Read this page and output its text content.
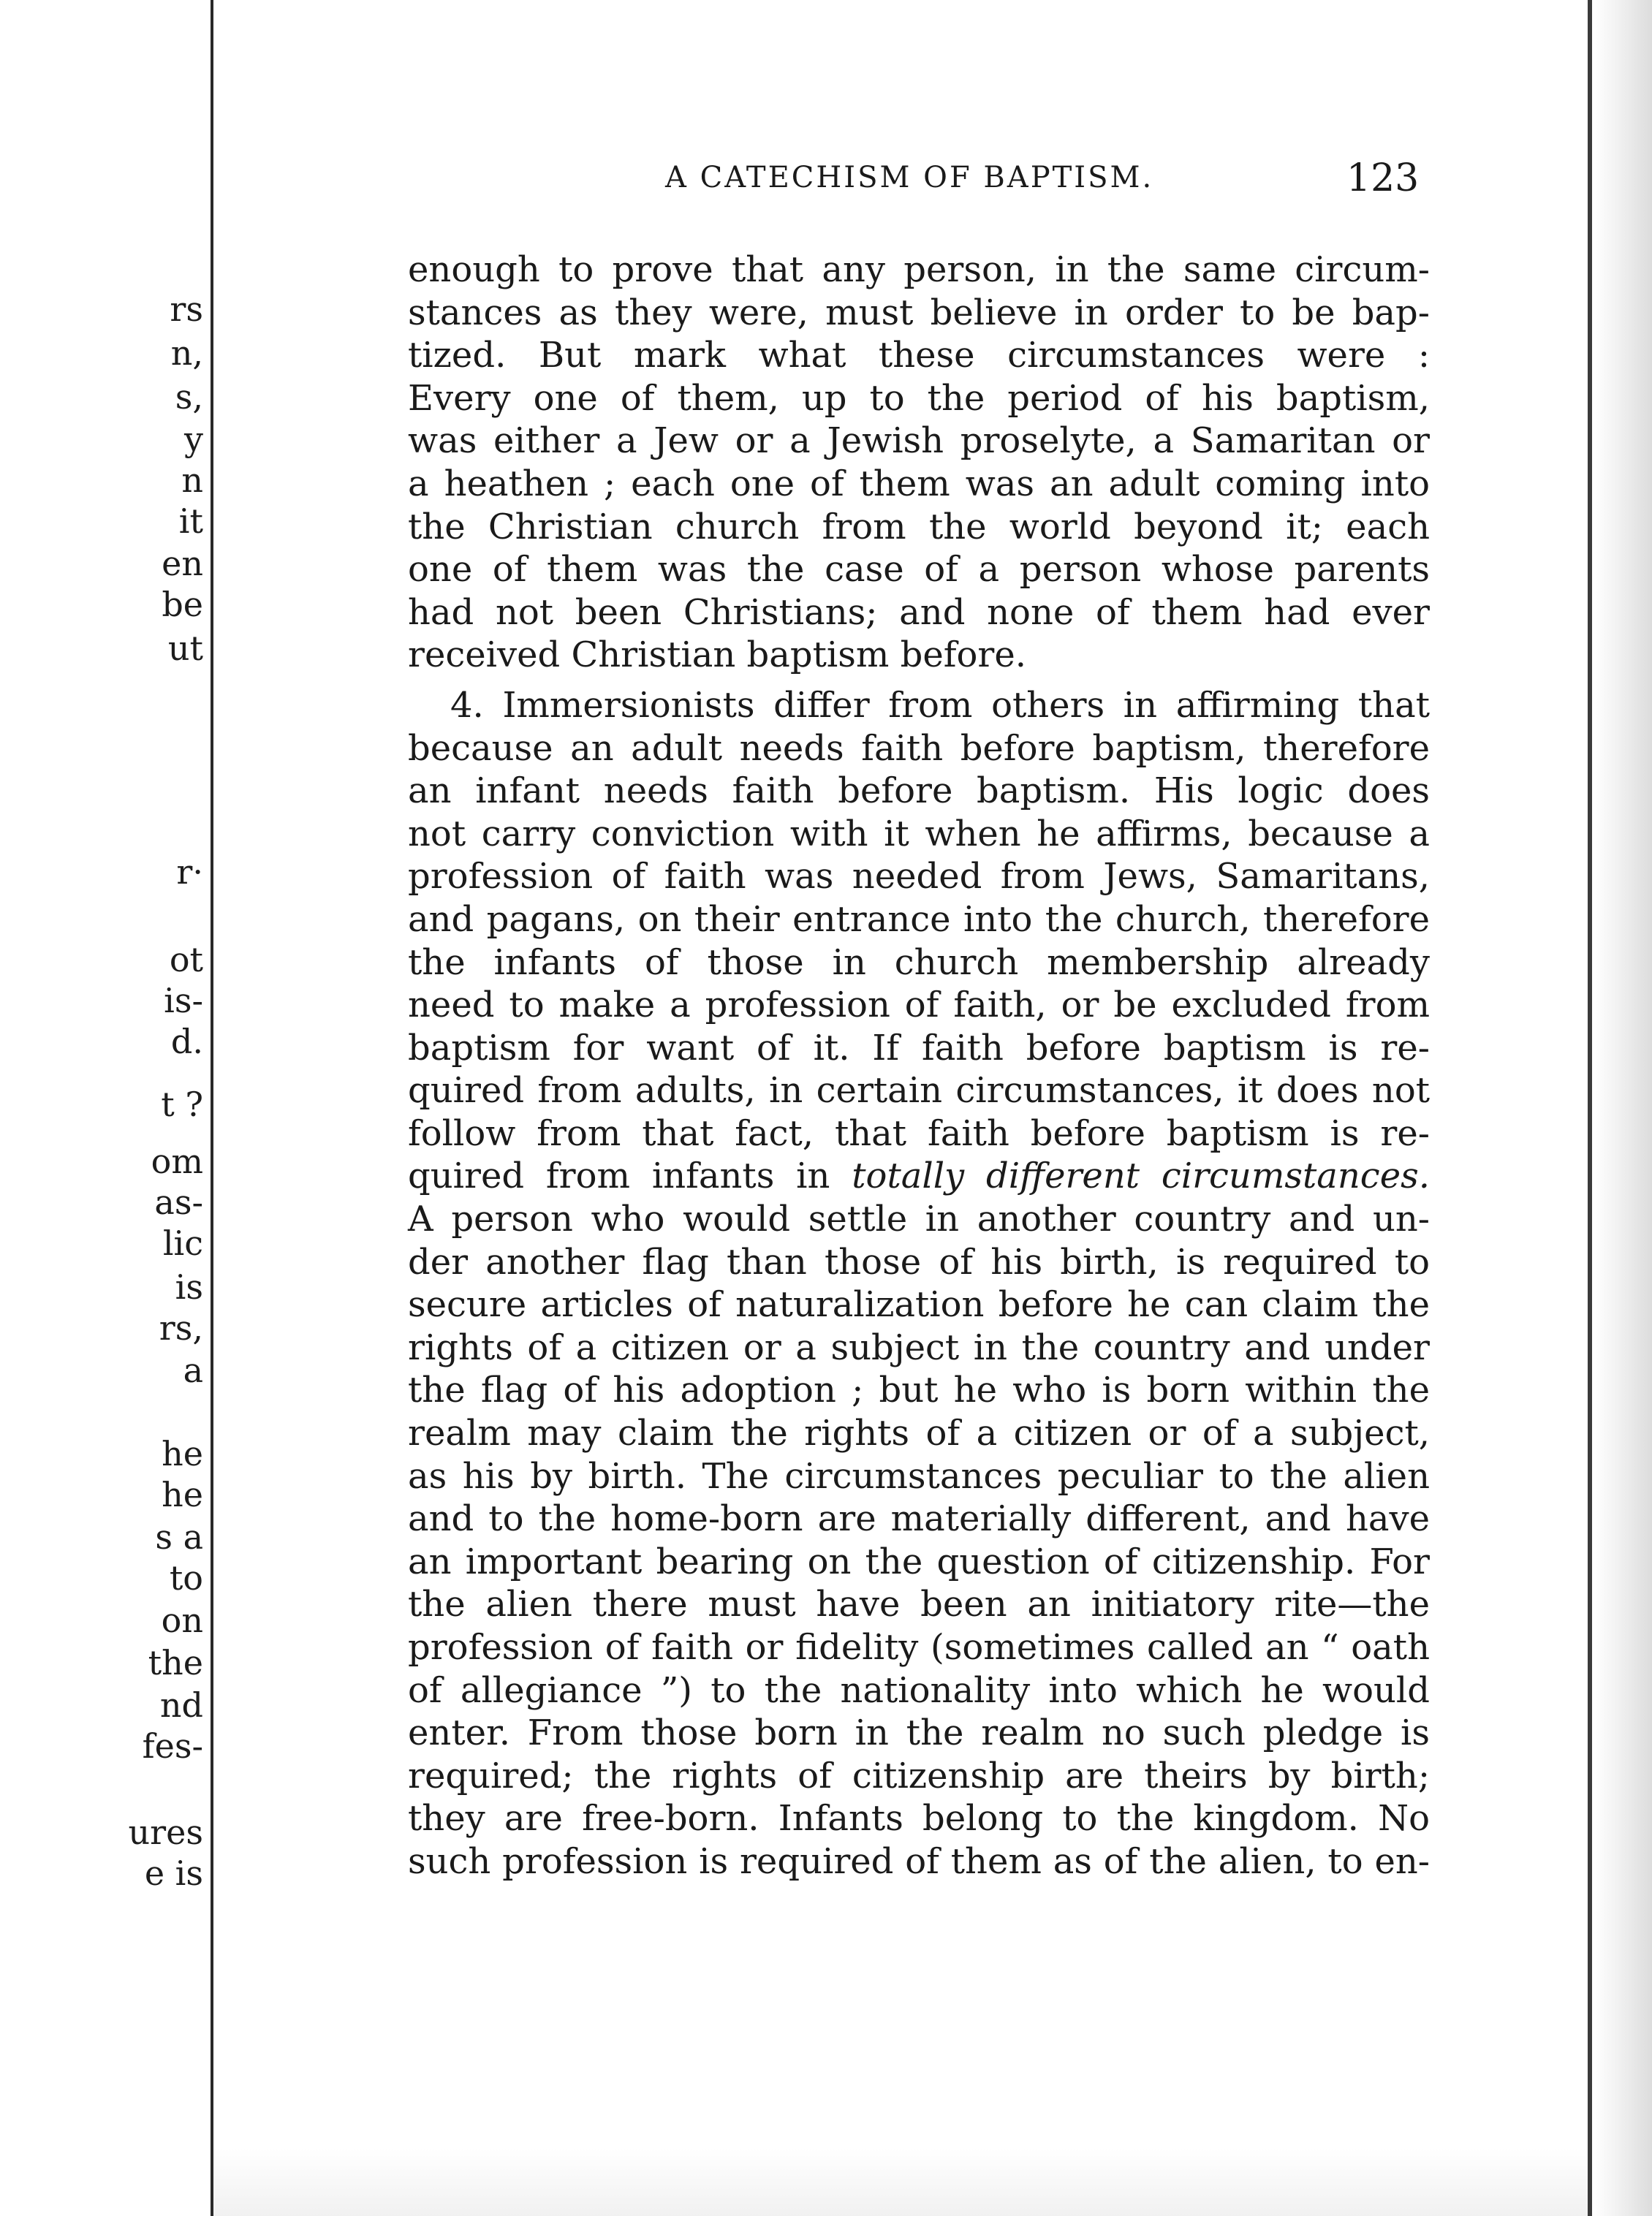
rs
n,
s,
y
n
it
en
be
ut
r·
ot
is-
d.
t ?
om
as-
lic
is
rs,
a
he
he
s a
to
on
the
nd
fes-
ures
e is
A CATECHISM OF BAPTISM.	123
enough to prove that any person, in the same circum-
stances as they were, must believe in order to be bap-
tized. But mark what these circumstances were :
Every one of them, up to the period of his baptism,
was either a Jew or a Jewish proselyte, a Samaritan or
a heathen ; each one of them was an adult coming into
the Christian church from the world beyond it; each
one of them was the case of a person whose parents
had not been Christians; and none of them had ever
received Christian baptism before.
4. Immersionists differ from others in affirming that
because an adult needs faith before baptism, therefore
an infant needs faith before baptism. His logic does
not carry conviction with it when he affirms, because a
profession of faith was needed from Jews, Samaritans,
and pagans, on their entrance into the church, therefore
the infants of those in church membership already
need to make a profession of faith, or be excluded from
baptism for want of it. If faith before baptism is re-
quired from adults, in certain circumstances, it does not
follow from that fact, that faith before baptism is re-
quired from infants in totally different circumstances.
A person who would settle in another country and un-
der another flag than those of his birth, is required to
secure articles of naturalization before he can claim the
rights of a citizen or a subject in the country and under
the flag of his adoption ; but he who is born within the
realm may claim the rights of a citizen or of a subject,
as his by birth. The circumstances peculiar to the alien
and to the home-born are materially different, and have
an important bearing on the question of citizenship. For
the alien there must have been an initiatory rite—the
profession of faith or fidelity (sometimes called an “ oath
of allegiance ”) to the nationality into which he would
enter. From those born in the realm no such pledge is
required; the rights of citizenship are theirs by birth;
they are free-born. Infants belong to the kingdom. No
such profession is required of them as of the alien, to en-
